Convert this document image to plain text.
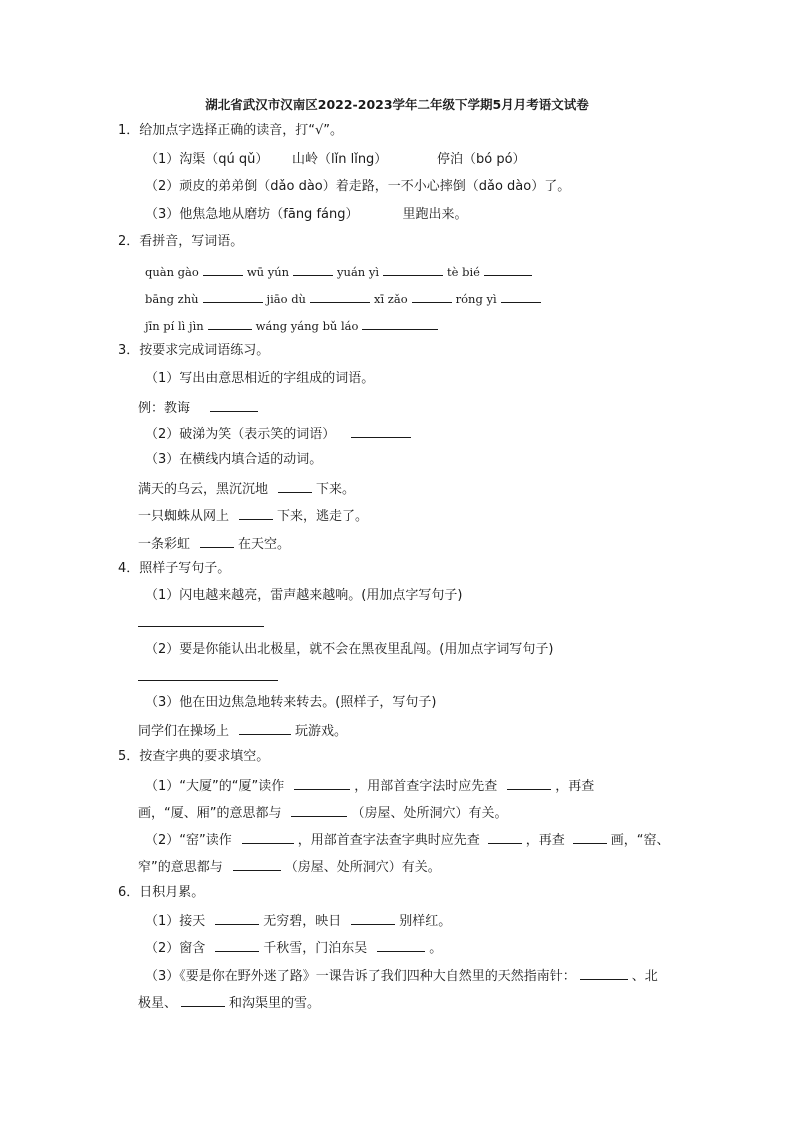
湖北省武汉市汉南区2022-2023学年二年级下学期5月月考语文试卷
1．给加点字选择正确的读音，打“√”。
（1）沟渠（qú qǔ） 山岭（lǐn lǐng）	停泊（bó pó）
（2）顽皮的弟弟倒（dǎo dào）着走路，一不小心摔倒（dǎo dào）了。
（3）他焦急地从磨坊（fāng fáng）	里跑出来。
2．看拼音，写词语。
quàn gào	wū yún	yuán yì	tè bié
bāng zhù	jiāo dù	xī zǎo	róng yì
jīn pí lì jìn	wáng yáng bǔ láo
3．按要求完成词语练习。
（1）写出由意思相近的字组成的词语。
例：教诲
（2）破涕为笑（表示笑的词语）
（3）在横线内填合适的动词。
满天的乌云，黑沉沉地	下来。
一只蜘蛛从网上	下来，逃走了。
一条彩虹	在天空。
4．照样子写句子。
（1）闪电越来越亮，雷声越来越响。(用加点字写句子)
（2）要是你能认出北极星，就不会在黑夜里乱闯。(用加点字词写句子)
（3）他在田边焦急地转来转去。(照样子，写句子)
同学们在操场上	玩游戏。
5．按查字典的要求填空。
（1）“大厦”的“厦”读作	，用部首查字法时应先查	，再查
画，“厦、厢”的意思都与	（房屋、处所洞穴）有关。
（2）“窑”读作	，用部首查字法查字典时应先查	，再查	画，“窑、
窄”的意思都与	（房屋、处所洞穴）有关。
6．日积月累。
（1）接天	无穷碧，映日	别样红。
（2）窗含	千秋雪，门泊东吴	。
（3）《要是你在野外迷了路》一课告诉了我们四种大自然里的天然指南针：	、北
极星、	和沟渠里的雪。
